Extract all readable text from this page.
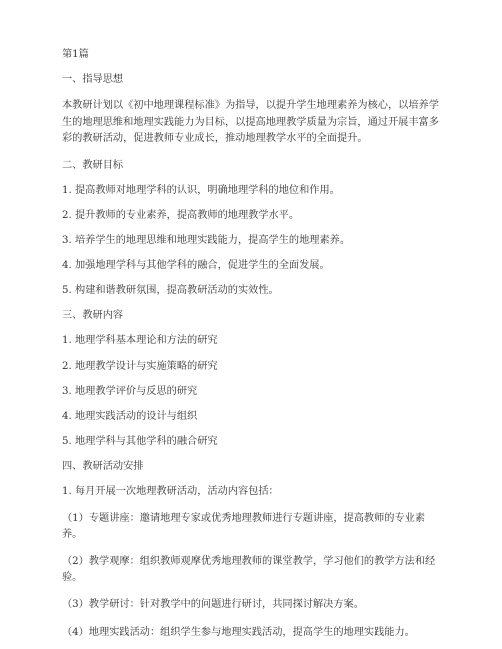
第1篇

一、指导思想

本教研计划以《初中地理课程标准》为指导，以提升学生地理素养为核心，以培养学生的地理思维和地理实践能力为目标，以提高地理教学质量为宗旨，通过开展丰富多彩的教研活动，促进教师专业成长，推动地理教学水平的全面提升。

二、教研目标

1. 提高教师对地理学科的认识，明确地理学科的地位和作用。

2. 提升教师的专业素养，提高教师的地理教学水平。

3. 培养学生的地理思维和地理实践能力，提高学生的地理素养。

4. 加强地理学科与其他学科的融合，促进学生的全面发展。

5. 构建和谐教研氛围，提高教研活动的实效性。

三、教研内容

1. 地理学科基本理论和方法的研究

2. 地理教学设计与实施策略的研究

3. 地理教学评价与反思的研究

4. 地理实践活动的设计与组织

5. 地理学科与其他学科的融合研究

四、教研活动安排

1. 每月开展一次地理教研活动，活动内容包括：

（1）专题讲座：邀请地理专家或优秀地理教师进行专题讲座，提高教师的专业素养。

（2）教学观摩：组织教师观摩优秀地理教师的课堂教学，学习他们的教学方法和经验。

（3）教学研讨：针对教学中的问题进行研讨，共同探讨解决方案。

（4）地理实践活动：组织学生参与地理实践活动，提高学生的地理实践能力。
